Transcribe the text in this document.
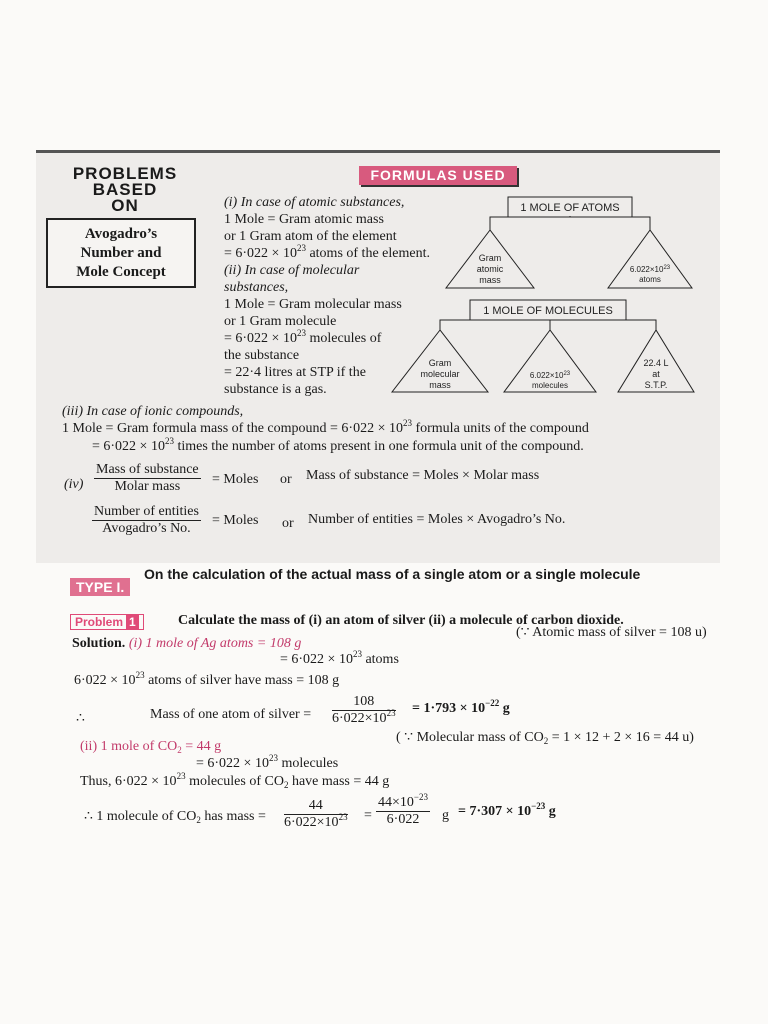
PROBLEMS
BASED
ON
Avogadro’s
Number and
Mole Concept
FORMULAS USED
(i) In case of atomic substances,
1 Mole = Gram atomic mass
or 1 Gram atom of the element
= $6\cdot 022 \times 10^{23}$ atoms of the element.
(ii) In case of molecular
substances,
1 Mole = Gram molecular mass
or 1 Gram molecule
= $6\cdot 022 \times 10^{23}$ molecules of
the substance
= 22·4 litres at STP if the
substance is a gas.
1 MOLE OF ATOMS
Gram
atomic
mass
$6.022\times 10^{23}$
atoms
1 MOLE OF MOLECULES
Gram
molecular
mass
$6.022\times 10^{23}$
molecules
22.4 L
at
S.T.P.
(iii) In case of ionic compounds,
1 Mole = Gram formula mass of the compound = $6\cdot 022 \times 10^{23}$ formula units of the compound
= $6\cdot 022 \times 10^{23}$ times the number of atoms present in one formula unit of the compound.
(iv)
Mass of substance
Molar mass	= Moles or Mass of substance = Moles × Molar mass
Number of entities
Avogadro’s No.
= Moles or Number of entities = Moles × Avogadro’s No.
TYPE I.
On the calculation of the actual mass of a single atom or a single molecule
Problem 1	Calculate the mass of (i) an atom of silver (ii) a molecule of carbon dioxide.
Solution. (i) 1 mole of Ag atoms = 108 g
(∵ Atomic mass of silver = 108 u)
= $6\cdot 022 \times 10^{23}$ atoms
$6\cdot 022 \times 10^{23}$ atoms of silver have mass = 108 g
∴	Mass of one atom of silver = $\frac{108}{6\cdot 022\times 10^{23}} = 1\cdot 793 \times 10^{-22}$ g
(ii) 1 mole of $CO_2 = 44$ g
( ∵ Molecular mass of $CO_2 = 1 \times 12 + 2 \times 16 = 44$ u)
= $6\cdot 022 \times 10^{23}$ molecules
Thus, $6\cdot 022 \times 10^{23}$ molecules of $CO_2$ have mass = 44 g
∴ 1 molecule of $CO_2$ has mass = $\frac{44}{6\cdot 022\times 10^{23}} = \frac{44\times 10^{-23}}{6\cdot 022}$ $g = 7\cdot 307 \times 10^{-23}$ g
